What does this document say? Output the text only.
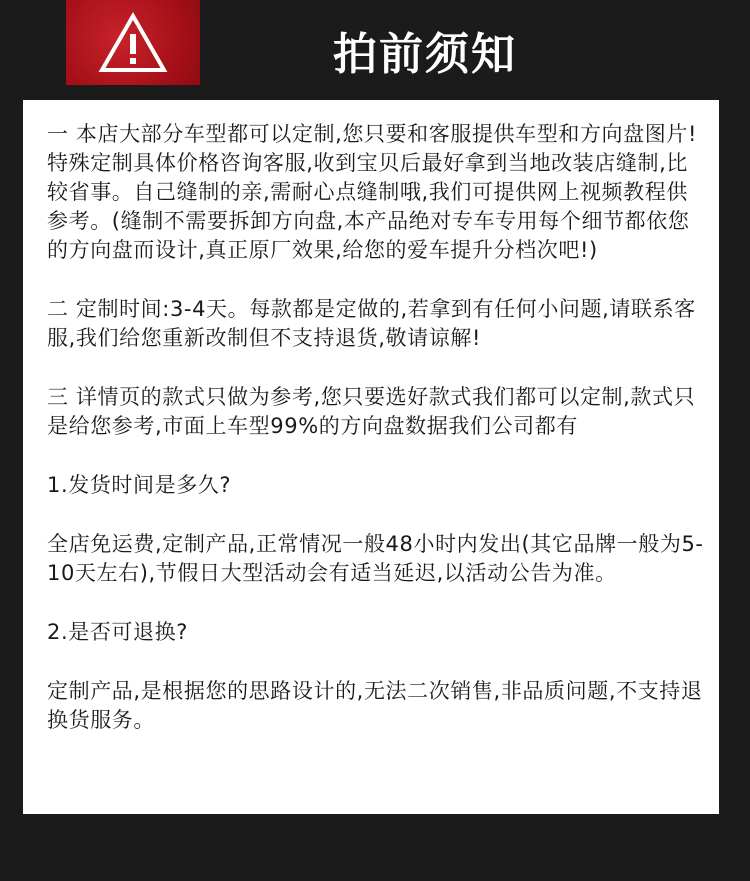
拍前须知

一 本店大部分车型都可以定制,您只要和客服提供车型和方向盘图片!特殊定制具体价格咨询客服,收到宝贝后最好拿到当地改装店缝制,比较省事。自己缝制的亲,需耐心点缝制哦,我们可提供网上视频教程供参考。(缝制不需要拆卸方向盘,本产品绝对专车专用每个细节都依您的方向盘而设计,真正原厂效果,给您的爱车提升分档次吧!)

二 定制时间:3-4天。每款都是定做的,若拿到有任何小问题,请联系客服,我们给您重新改制但不支持退货,敬请谅解!

三 详情页的款式只做为参考,您只要选好款式我们都可以定制,款式只是给您参考,市面上车型99%的方向盘数据我们公司都有

1.发货时间是多久?

全店免运费,定制产品,正常情况一般48小时内发出(其它品牌一般为5-10天左右),节假日大型活动会有适当延迟,以活动公告为准。

2.是否可退换?

定制产品,是根据您的思路设计的,无法二次销售,非品质问题,不支持退换货服务。
